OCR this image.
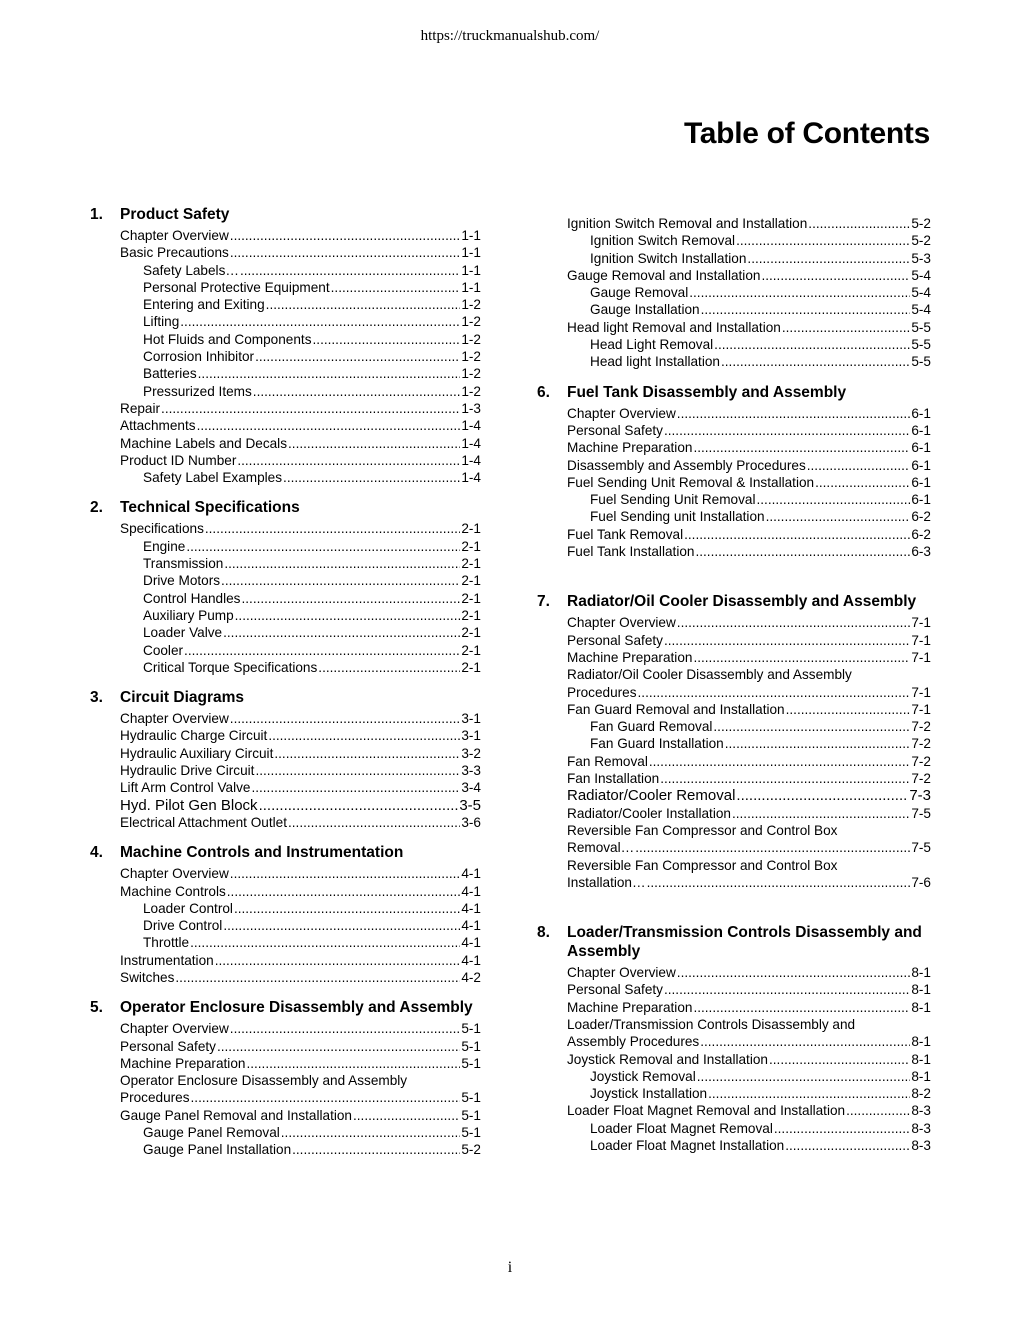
https://truckmanualshub.com/
Table of Contents
1.	Product Safety
Chapter Overview .....	1-1
Basic Precautions .....	1-1
Safety Labels… .....	1-1
Personal Protective Equipment .....	1-1
Entering and Exiting .....	1-2
Lifting .....	1-2
Hot Fluids and Components .....	1-2
Corrosion Inhibitor .....	1-2
Batteries .....	1-2
Pressurized Items .....	1-2
Repair .....	1-3
Attachments .....	1-4
Machine Labels and Decals .....	1-4
Product ID Number .....	1-4
Safety Label Examples .....	1-4
2.	Technical Specifications
Specifications .....	2-1
Engine .....	2-1
Transmission .....	2-1
Drive Motors .....	2-1
Control Handles .....	2-1
Auxiliary Pump .....	2-1
Loader Valve .....	2-1
Cooler .....	2-1
Critical Torque Specifications .....	2-1
3.	Circuit Diagrams
Chapter Overview .....	3-1
Hydraulic Charge Circuit .....	3-1
Hydraulic Auxiliary Circuit .....	3-2
Hydraulic Drive Circuit .....	3-3
Lift Arm Control Valve .....	3-4
Hyd. Pilot Gen Block .....	3-5
Electrical Attachment Outlet .....	3-6
4.	Machine Controls and Instrumentation
Chapter Overview .....	4-1
Machine Controls .....	4-1
Loader Control .....	4-1
Drive Control .....	4-1
Throttle .....	4-1
Instrumentation .....	4-1
Switches .....	4-2
5.	Operator Enclosure Disassembly and Assembly
Chapter Overview .....	5-1
Personal Safety .....	5-1
Machine Preparation .....	5-1
Operator Enclosure Disassembly and Assembly
Procedures .....	5-1
Gauge Panel Removal and Installation .....	5-1
Gauge Panel Removal .....	5-1
Gauge Panel Installation .....	5-2
Ignition Switch Removal and Installation .....	5-2
Ignition Switch Removal .....	5-2
Ignition Switch Installation .....	5-3
Gauge Removal and Installation .....	5-4
Gauge Removal .....	5-4
Gauge Installation .....	5-4
Head light Removal and Installation .....	5-5
Head Light Removal .....	5-5
Head light Installation .....	5-5
6.	Fuel Tank Disassembly and Assembly
Chapter Overview .....	6-1
Personal Safety .....	6-1
Machine Preparation .....	6-1
Disassembly and Assembly Procedures .....	6-1
Fuel Sending Unit Removal & Installation .....	6-1
Fuel Sending Unit Removal .....	6-1
Fuel Sending unit Installation .....	6-2
Fuel Tank Removal .....	6-2
Fuel Tank Installation .....	6-3
7.	Radiator/Oil Cooler Disassembly and Assembly
Chapter Overview .....	7-1
Personal Safety .....	7-1
Machine Preparation .....	7-1
Radiator/Oil Cooler Disassembly and Assembly
Procedures .....	7-1
Fan Guard Removal and Installation .....	7-1
Fan Guard Removal .....	7-2
Fan Guard Installation .....	7-2
Fan Removal .....	7-2
Fan Installation .....	7-2
Radiator/Cooler Removal .....	7-3
Radiator/Cooler Installation .....	7-5
Reversible Fan Compressor and Control Box
Removal… .....	7-5
Reversible Fan Compressor and Control Box
Installation… .....	7-6
8.	Loader/Transmission Controls Disassembly and Assembly
Chapter Overview .....	8-1
Personal Safety .....	8-1
Machine Preparation .....	8-1
Loader/Transmission Controls Disassembly and
Assembly Procedures .....	8-1
Joystick Removal and Installation .....	8-1
Joystick Removal .....	8-1
Joystick Installation .....	8-2
Loader Float Magnet Removal and Installation .....	8-3
Loader Float Magnet Removal .....	8-3
Loader Float Magnet Installation .....	8-3
i
